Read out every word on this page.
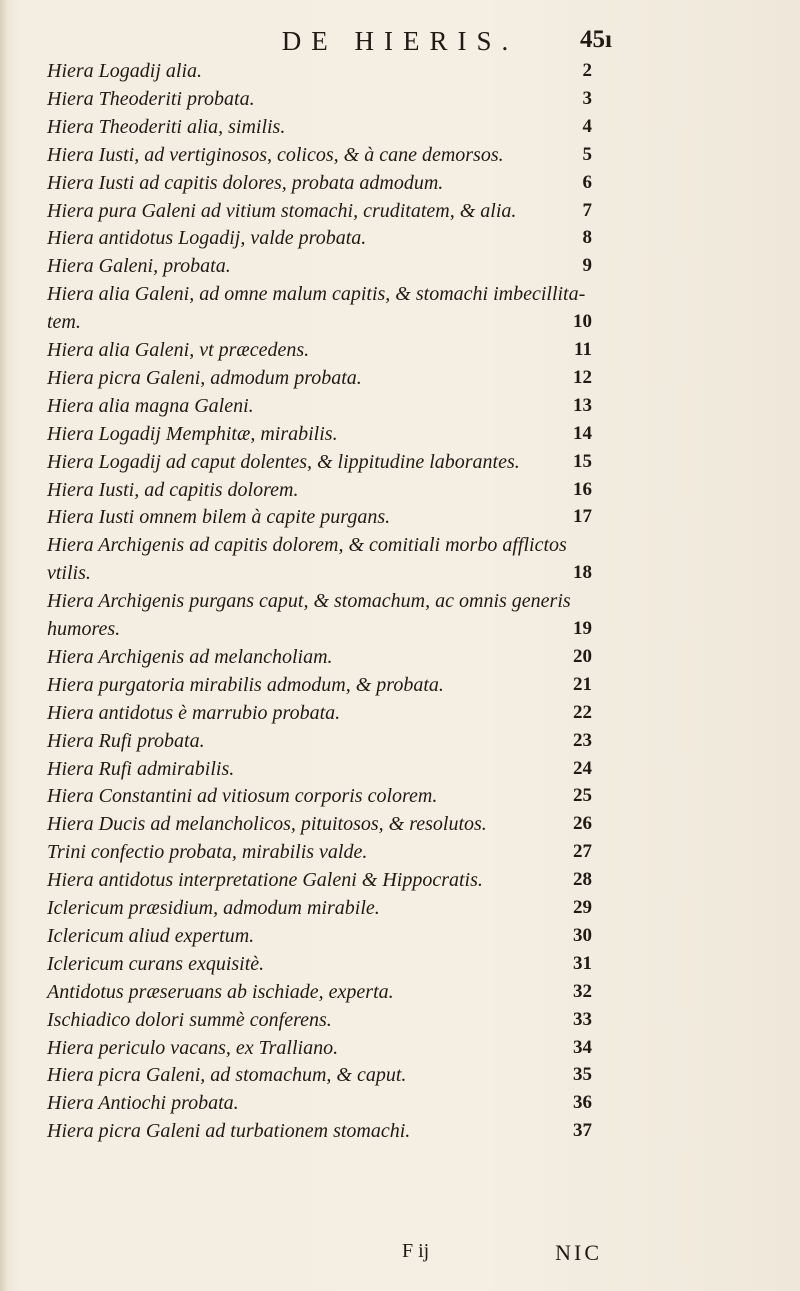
DE HIERIS.	45ı
Hiera Logadij alia.	2
Hiera Theoderiti probata.	3
Hiera Theoderiti alia, similis.	4
Hiera Iusti, ad vertiginosos, colicos, & à cane demorsos.	5
Hiera Iusti ad capitis dolores, probata admodum.	6
Hiera pura Galeni ad vitium stomachi, cruditatem, & alia.	7
Hiera antidotus Logadij, valde probata.	8
Hiera Galeni, probata.	9
Hiera alia Galeni, ad omne malum capitis, & stomachi imbecillita-
tem.	10
Hiera alia Galeni, vt præcedens.	11
Hiera picra Galeni, admodum probata.	12
Hiera alia magna Galeni.	13
Hiera Logadij Memphitæ, mirabilis.	14
Hiera Logadij ad caput dolentes, & lippitudine laborantes.	15
Hiera Iusti, ad capitis dolorem.	16
Hiera Iusti omnem bilem à capite purgans.	17
Hiera Archigenis ad capitis dolorem, & comitiali morbo afflictos
vtilis.	18
Hiera Archigenis purgans caput, & stomachum, ac omnis generis
humores.	19
Hiera Archigenis ad melancholiam.	20
Hiera purgatoria mirabilis admodum, & probata.	21
Hiera antidotus è marrubio probata.	22
Hiera Rufi probata.	23
Hiera Rufi admirabilis.	24
Hiera Constantini ad vitiosum corporis colorem.	25
Hiera Ducis ad melancholicos, pituitosos, & resolutos.	26
Trini confectio probata, mirabilis valde.	27
Hiera antidotus interpretatione Galeni & Hippocratis.	28
Iclericum præsidium, admodum mirabile.	29
Iclericum aliud expertum.	30
Iclericum curans exquisitè.	31
Antidotus præseruans ab ischiade, experta.	32
Ischiadico dolori summè conferens.	33
Hiera periculo vacans, ex Tralliano.	34
Hiera picra Galeni, ad stomachum, & caput.	35
Hiera Antiochi probata.	36
Hiera picra Galeni ad turbationem stomachi.	37
F ij	NIC
